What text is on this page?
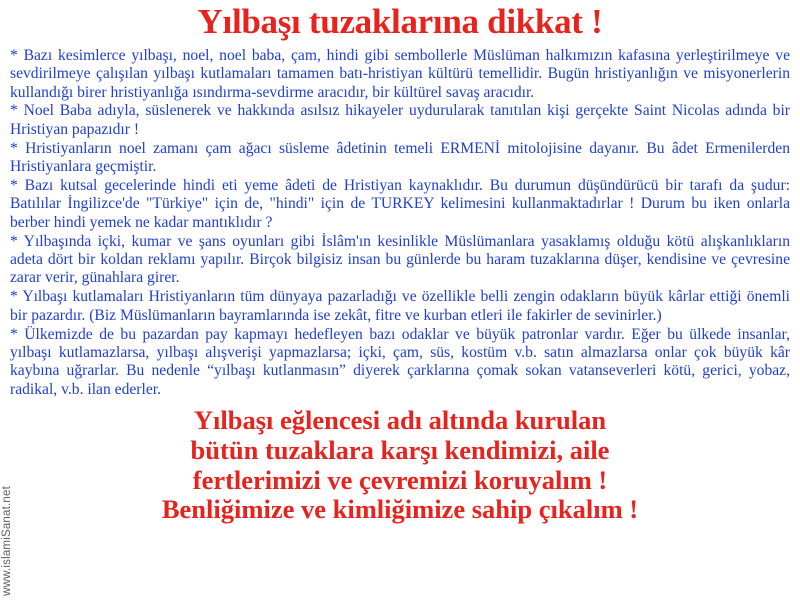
Yılbaşı tuzaklarına dikkat !

* Bazı kesimlerce yılbaşı, noel, noel baba, çam, hindi gibi sembollerle Müslüman halkımızın kafasına yerleştirilmeye ve sevdirilmeye çalışılan yılbaşı kutlamaları tamamen batı-hristiyan kültürü temellidir. Bugün hristiyanlığın ve misyonerlerin kullandığı birer hristiyanlığa ısındırma-sevdirme aracıdır, bir kültürel savaş aracıdır.

* Noel Baba adıyla, süslenerek ve hakkında asılsız hikayeler uydurularak tanıtılan kişi gerçekte Saint Nicolas adında bir Hristiyan papazıdır !

* Hristiyanların noel zamanı çam ağacı süsleme âdetinin temeli ERMENİ mitolojisine dayanır. Bu âdet Ermenilerden Hristiyanlara geçmiştir.

* Bazı kutsal gecelerinde hindi eti yeme âdeti de Hristiyan kaynaklıdır. Bu durumun düşündürücü bir tarafı da şudur: Batılılar İngilizce'de "Türkiye" için de, "hindi" için de TURKEY kelimesini kullanmaktadırlar ! Durum bu iken onlarla berber hindi yemek ne kadar mantıklıdır ?

* Yılbaşında içki, kumar ve şans oyunları gibi İslâm'ın kesinlikle Müslümanlara yasaklamış olduğu kötü alışkanlıkların adeta dört bir koldan reklamı yapılır. Birçok bilgisiz insan bu günlerde bu haram tuzaklarına düşer, kendisine ve çevresine zarar verir, günahlara girer.

* Yılbaşı kutlamaları Hristiyanların tüm dünyaya pazarladığı ve özellikle belli zengin odakların büyük kârlar ettiği önemli bir pazardır. (Biz Müslümanların bayramlarında ise zekât, fitre ve kurban etleri ile fakirler de sevinirler.)

* Ülkemizde de bu pazardan pay kapmayı hedefleyen bazı odaklar ve büyük patronlar vardır. Eğer bu ülkede insanlar, yılbaşı kutlamazlarsa, yılbaşı alışverişi yapmazlarsa; içki, çam, süs, kostüm v.b. satın almazlarsa onlar çok büyük kâr kaybına uğrarlar. Bu nedenle “yılbaşı kutlanmasın” diyerek çarklarına çomak sokan vatanseverleri kötü, gerici, yobaz, radikal, v.b. ilan ederler.

Yılbaşı eğlencesi adı altında kurulan
bütün tuzaklara karşı kendimizi, aile
fertlerimizi ve çevremizi koruyalım !
Benliğimize ve kimliğimize sahip çıkalım !
www.islamiSanat.net
